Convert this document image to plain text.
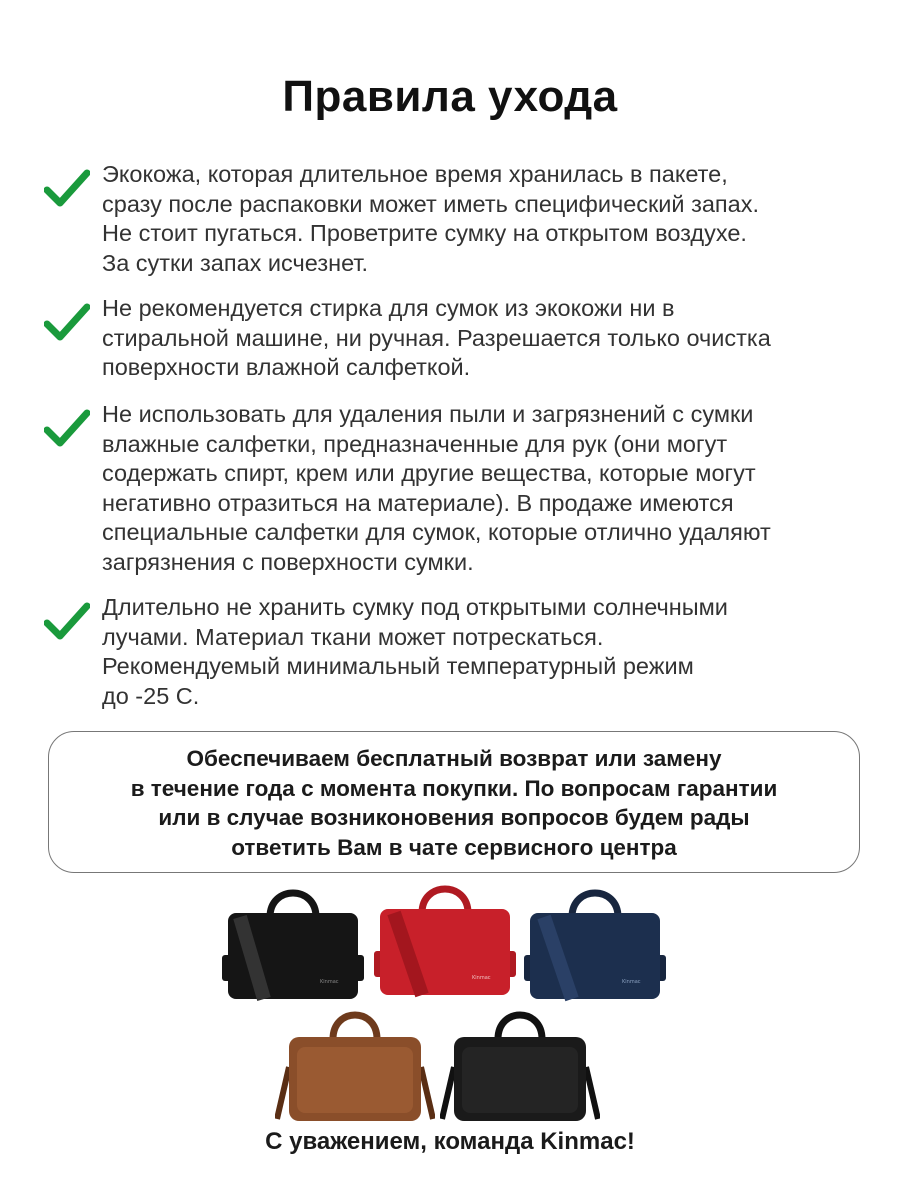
Правила ухода
Экокожа, которая длительное время хранилась в пакете,
сразу после распаковки может иметь специфический запах.
Не стоит пугаться. Проветрите сумку на открытом воздухе.
За сутки запах исчезнет.
Не рекомендуется стирка для сумок из экокожи ни в
стиральной машине, ни ручная. Разрешается только очистка
поверхности влажной салфеткой.
Не использовать для удаления пыли и загрязнений с сумки
влажные салфетки, предназначенные для рук (они могут
содержать спирт, крем или другие вещества, которые могут
негативно отразиться на материале). В продаже имеются
специальные салфетки для сумок, которые отлично удаляют
загрязнения с поверхности сумки.
Длительно не хранить сумку под открытыми солнечными
лучами. Материал ткани может потрескаться.
Рекомендуемый минимальный температурный режим
до -25 С.
Обеспечиваем бесплатный возврат или замену
в течение года с момента покупки. По вопросам гарантии
или в случае возниконовения вопросов будем рады
ответить Вам в чате сервисного центра
Kinmac
Kinmac
Kinmac
С уважением, команда Kinmac!
